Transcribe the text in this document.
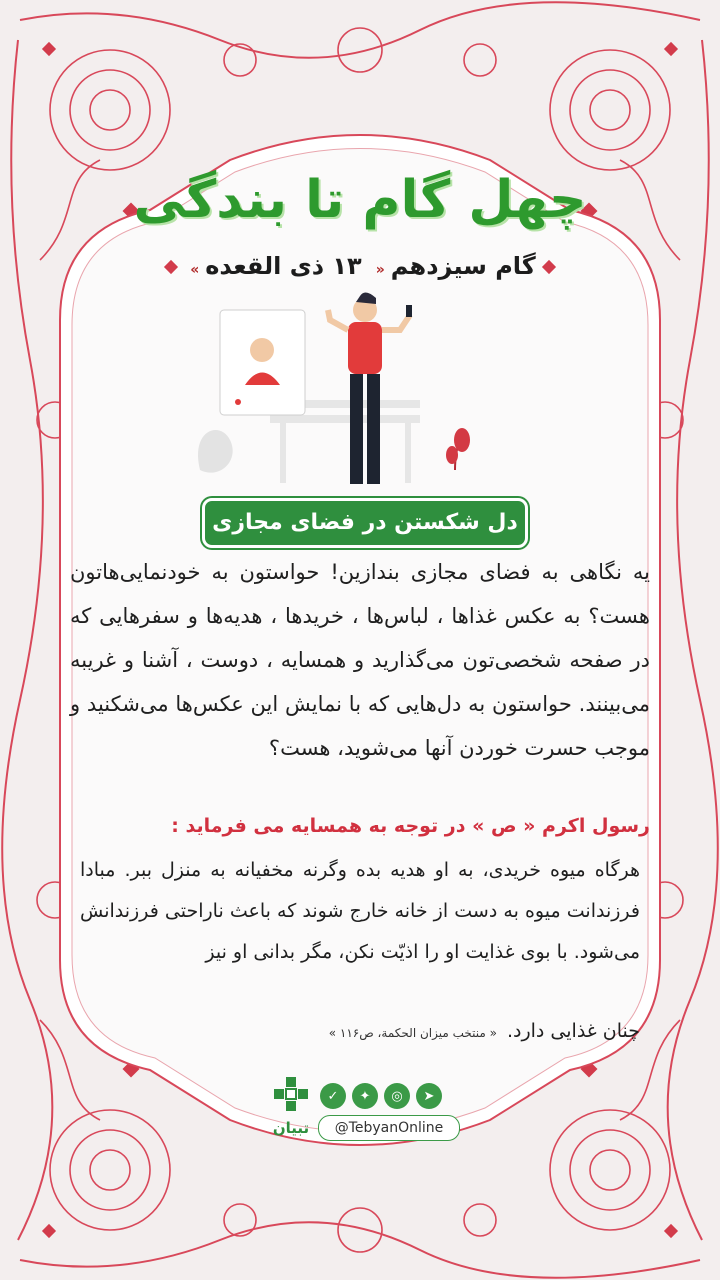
چهل گام تا بندگی
گام سیزدهم«۱۳ ذی القعده»
دل شکستن در فضای مجازی
یه نگاهی به فضای مجازی بندازین! حواستون به خودنمایی‌هاتون هست؟ به عکس غذاها ، لباس‌ها ، خریدها ، هدیه‌ها و سفرهایی که در صفحه شخصی‌تون می‌گذارید و همسایه ، دوست ، آشنا و غریبه می‌بینند. حواستون به دل‌هایی که با نمایش این عکس‌ها می‌شکنید و موجب حسرت خوردن آنها می‌شوید، هست؟
رسول اکرم « ص » در توجه به همسایه می فرماید :
هرگاه میوه خریدی، به او هدیه بده وگرنه مخفیانه به منزل ببر. مبادا فرزندانت میوه به دست از خانه خارج شوند که باعث ناراحتی فرزندانش می‌شود. با بوی غذایت او را اذیّت نکن، مگر بدانی او نیز
چنان غذایی دارد.« منتخب میزان الحکمة، ص۱۱۶ »
تبیان
➤
◎
✦
✓
@TebyanOnline
